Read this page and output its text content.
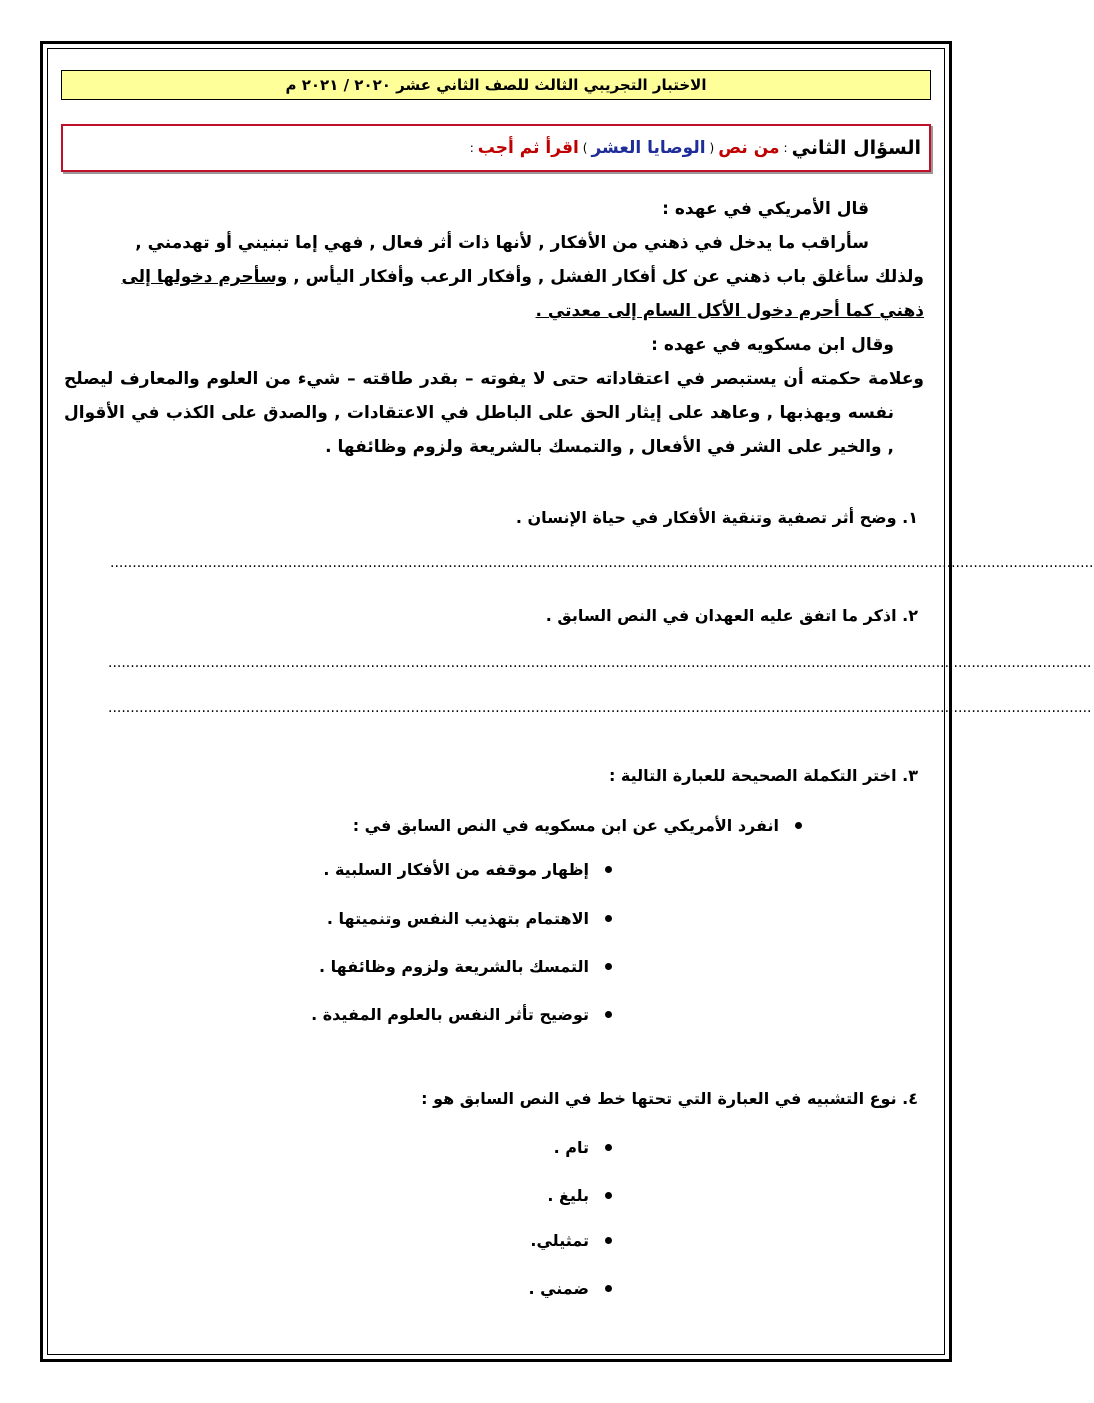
الاختبار التجريبي الثالث للصف الثاني عشر ٢٠٢٠ / ٢٠٢١ م
السؤال الثاني
:
من نص
(
الوصايا العشر
)
اقرأ ثم أجب
:

قال الأمريكي في عهده :

سأراقب ما يدخل في ذهني من الأفكار , لأنها ذات أثر فعال , فهي إما تبنيني أو تهدمني ,

ولذلك سأغلق باب ذهني عن كل أفكار الفشل , وأفكار الرعب وأفكار اليأس , وسأحرم دخولها إلى

ذهني كما أحرم دخول الأكل السام إلى معدتي .

وقال ابن مسكويه في عهده :

وعلامة حكمته أن يستبصر في اعتقاداته حتى لا يفوته – بقدر طاقته – شيء من العلوم والمعارف ليصلح نفسه ويهذبها , وعاهد على إيثار الحق على الباطل في الاعتقادات , والصدق على الكذب في الأقوال , والخير على الشر في الأفعال , والتمسك بالشريعة ولزوم وظائفها .

١. وضح أثر تصفية وتنقية الأفكار في حياة الإنسان .
.............................................................................................................................................................................................................................
٢. اذكر ما اتفق عليه العهدان في النص السابق .
.............................................................................................................................................................................................................................
.............................................................................................................................................................................................................................
٣. اختر التكملة الصحيحة للعبارة التالية :
انفرد الأمريكي عن ابن مسكويه في النص السابق في :
إظهار موقفه من الأفكار السلبية .
الاهتمام بتهذيب النفس وتنميتها .
التمسك بالشريعة ولزوم وظائفها .
توضيح تأثر النفس بالعلوم المفيدة .
٤. نوع التشبيه في العبارة التي تحتها خط في النص السابق هو :
تام .
بليغ .
تمثيلي.
ضمني .
